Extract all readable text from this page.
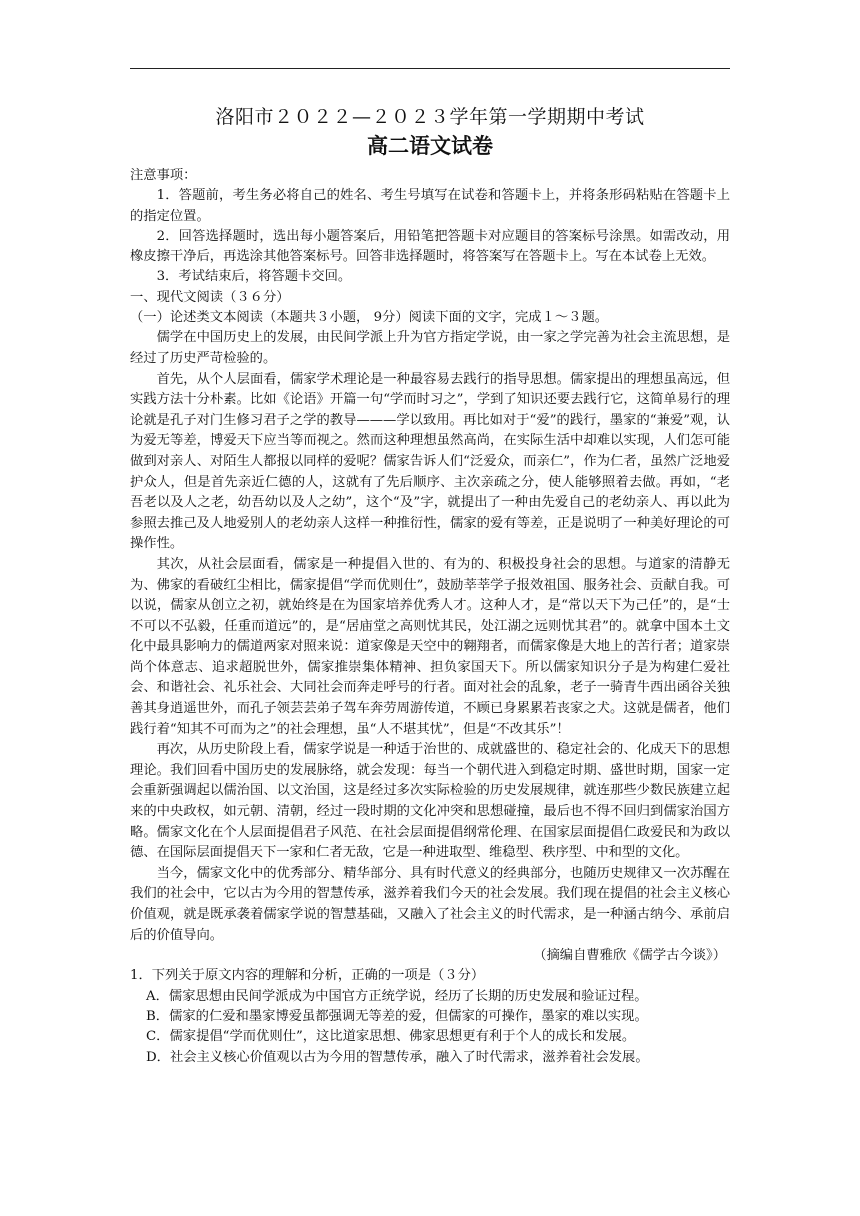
洛阳市２０２２—２０２３学年第一学期期中考试
高二语文试卷

注意事项：

1．答题前，考生务必将自己的姓名、考生号填写在试卷和答题卡上，并将条形码粘贴在答题卡上的指定位置。

2．回答选择题时，选出每小题答案后，用铅笔把答题卡对应题目的答案标号涂黑。如需改动，用橡皮擦干净后，再选涂其他答案标号。回答非选择题时，将答案写在答题卡上。写在本试卷上无效。

3．考试结束后，将答题卡交回。

一、现代文阅读（３６分）

（一）论述类文本阅读（本题共３小题， 9分）阅读下面的文字，完成１～３题。

儒学在中国历史上的发展，由民间学派上升为官方指定学说，由一家之学完善为社会主流思想，是经过了历史严苛检验的。

首先，从个人层面看，儒家学术理论是一种最容易去践行的指导思想。儒家提出的理想虽高远，但实践方法十分朴素。比如《论语》开篇一句“学而时习之”，学到了知识还要去践行它，这简单易行的理论就是孔子对门生修习君子之学的教导———学以致用。再比如对于“爱”的践行，墨家的“兼爱”观，认为爱无等差，博爱天下应当等而视之。然而这种理想虽然高尚，在实际生活中却难以实现，人们怎可能做到对亲人、对陌生人都报以同样的爱呢？儒家告诉人们“泛爱众，而亲仁”，作为仁者，虽然广泛地爱护众人，但是首先亲近仁德的人，这就有了先后顺序、主次亲疏之分，使人能够照着去做。再如，“老吾老以及人之老，幼吾幼以及人之幼”，这个“及”字，就提出了一种由先爱自己的老幼亲人、再以此为参照去推己及人地爱别人的老幼亲人这样一种推衍性，儒家的爱有等差，正是说明了一种美好理论的可操作性。

其次，从社会层面看，儒家是一种提倡入世的、有为的、积极投身社会的思想。与道家的清静无为、佛家的看破红尘相比，儒家提倡“学而优则仕”，鼓励莘莘学子报效祖国、服务社会、贡献自我。可以说，儒家从创立之初，就始终是在为国家培养优秀人才。这种人才，是“常以天下为己任”的，是“士不可以不弘毅，任重而道远”的，是“居庙堂之高则忧其民，处江湖之远则忧其君”的。就拿中国本土文化中最具影响力的儒道两家对照来说：道家像是天空中的翱翔者，而儒家像是大地上的苦行者；道家崇尚个体意志、追求超脱世外，儒家推崇集体精神、担负家国天下。所以儒家知识分子是为构建仁爱社会、和谐社会、礼乐社会、大同社会而奔走呼号的行者。面对社会的乱象，老子一骑青牛西出函谷关独善其身逍遥世外，而孔子领芸芸弟子驾车奔劳周游传道，不顾已身累累若丧家之犬。这就是儒者，他们践行着“知其不可而为之”的社会理想，虽“人不堪其忧”，但是“不改其乐”！

再次，从历史阶段上看，儒家学说是一种适于治世的、成就盛世的、稳定社会的、化成天下的思想理论。我们回看中国历史的发展脉络，就会发现：每当一个朝代进入到稳定时期、盛世时期，国家一定会重新强调起以儒治国、以文治国，这是经过多次实际检验的历史发展规律，就连那些少数民族建立起来的中央政权，如元朝、清朝，经过一段时期的文化冲突和思想碰撞，最后也不得不回归到儒家治国方略。儒家文化在个人层面提倡君子风范、在社会层面提倡纲常伦理、在国家层面提倡仁政爱民和为政以德、在国际层面提倡天下一家和仁者无敌，它是一种进取型、维稳型、秩序型、中和型的文化。

当今，儒家文化中的优秀部分、精华部分、具有时代意义的经典部分，也随历史规律又一次苏醒在我们的社会中，它以古为今用的智慧传承，滋养着我们今天的社会发展。我们现在提倡的社会主义核心价值观，就是既承袭着儒家学说的智慧基础，又融入了社会主义的时代需求，是一种涵古纳今、承前启后的价值导向。

（摘编自曹雅欣《儒学古今谈》）

1．下列关于原文内容的理解和分析，正确的一项是（３分）

A．儒家思想由民间学派成为中国官方正统学说，经历了长期的历史发展和验证过程。
B．儒家的仁爱和墨家博爱虽都强调无等差的爱，但儒家的可操作，墨家的难以实现。
C．儒家提倡“学而优则仕”，这比道家思想、佛家思想更有利于个人的成长和发展。
D．社会主义核心价值观以古为今用的智慧传承，融入了时代需求，滋养着社会发展。
